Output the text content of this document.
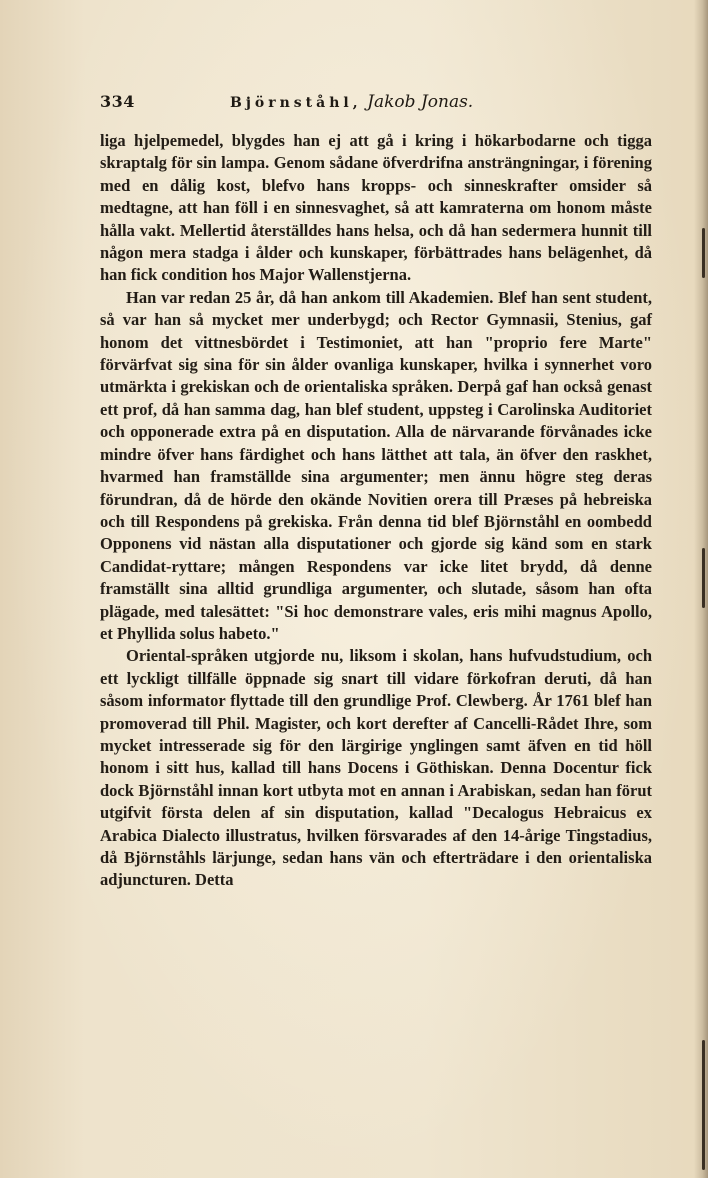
334	Björnståhl, Jakob Jonas.

liga hjelpemedel, blygdes han ej att gå i kring i hökarbodarne och tigga skraptalg för sin lampa. Genom sådane öfverdrifna ansträngningar, i förening med en dålig kost, blefvo hans kropps- och sinneskrafter omsider så medtagne, att han föll i en sinnesvaghet, så att kamraterna om honom måste hålla vakt. Mellertid återställdes hans helsa, och då han sedermera hunnit till någon mera stadga i ålder och kunskaper, förbättrades hans belägenhet, då han fick condition hos Major Wallenstjerna.

Han var redan 25 år, då han ankom till Akademien. Blef han sent student, så var han så mycket mer underbygd; och Rector Gymnasii, Stenius, gaf honom det vittnesbördet i Testimoniet, att han "proprio fere Marte" förvärfvat sig sina för sin ålder ovanliga kunskaper, hvilka i synnerhet voro utmärkta i grekiskan och de orientaliska språken. Derpå gaf han också genast ett prof, då han samma dag, han blef student, uppsteg i Carolinska Auditoriet och opponerade extra på en disputation. Alla de närvarande förvånades icke mindre öfver hans färdighet och hans lätthet att tala, än öfver den raskhet, hvarmed han framställde sina argumenter; men ännu högre steg deras förundran, då de hörde den okände Novitien orera till Præses på hebreiska och till Respondens på grekiska. Från denna tid blef Björnståhl en oombedd Opponens vid nästan alla disputationer och gjorde sig känd som en stark Candidat-ryttare; mången Respondens var icke litet brydd, då denne framställt sina alltid grundliga argumenter, och slutade, såsom han ofta plägade, med talesättet: "Si hoc demonstrare vales, eris mihi magnus Apollo, et Phyllida solus habeto."

Oriental-språken utgjorde nu, liksom i skolan, hans hufvudstudium, och ett lyckligt tillfälle öppnade sig snart till vidare förkofran deruti, då han såsom informator flyttade till den grundlige Prof. Clewberg. År 1761 blef han promoverad till Phil. Magister, och kort derefter af Cancelli-Rådet Ihre, som mycket intresserade sig för den lärgirige ynglingen samt äfven en tid höll honom i sitt hus, kallad till hans Docens i Göthiskan. Denna Docentur fick dock Björnståhl innan kort utbyta mot en annan i Arabiskan, sedan han förut utgifvit första delen af sin disputation, kallad "Decalogus Hebraicus ex Arabica Dialecto illustratus, hvilken försvarades af den 14-årige Tingstadius, då Björnståhls lärjunge, sedan hans vän och efterträdare i den orientaliska adjuncturen. Detta
